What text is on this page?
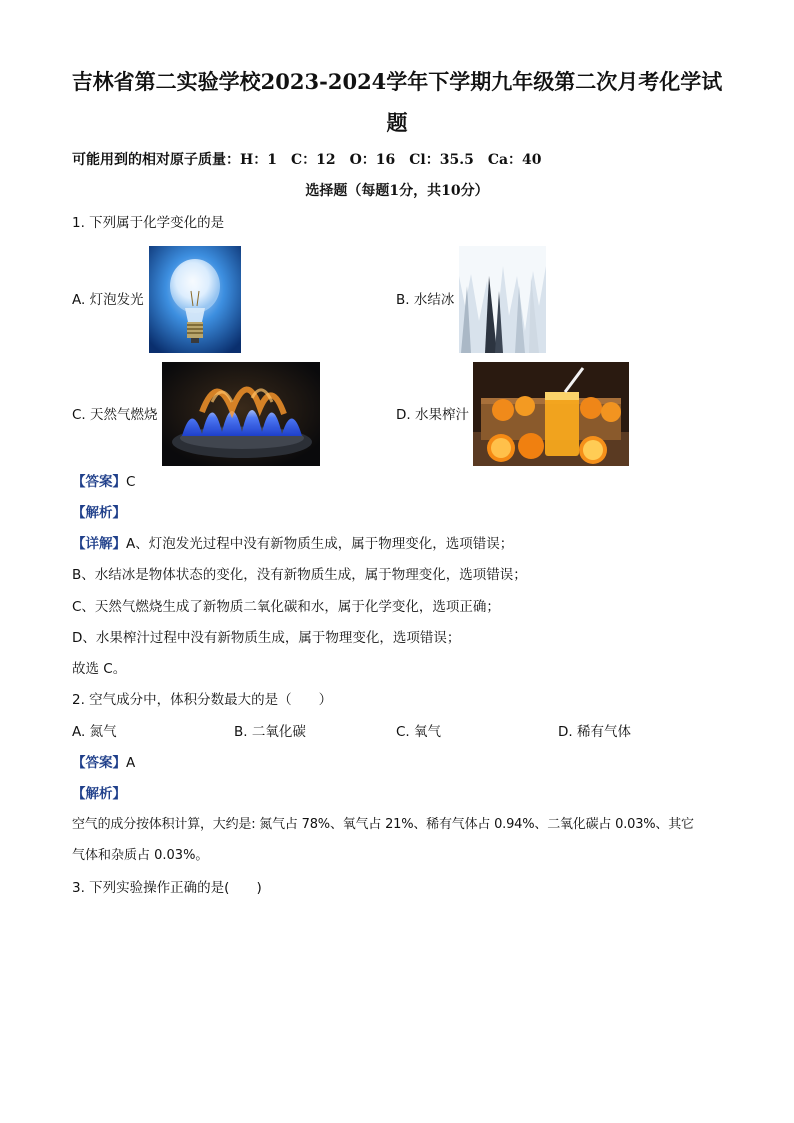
吉林省第二实验学校2023-2024学年下学期九年级第二次月考化学试
题
可能用到的相对原子质量：H：1　C：12　O：16　Cl：35.5　Ca：40
选择题（每题1分，共10分）
1. 下列属于化学变化的是
A. 灯泡发光	B. 水结冰
C. 天然气燃烧	D. 水果榨汁
【答案】C
【解析】
【详解】A、灯泡发光过程中没有新物质生成，属于物理变化，选项错误；
B、水结冰是物体状态的变化，没有新物质生成，属于物理变化，选项错误；
C、天然气燃烧生成了新物质二氧化碳和水，属于化学变化，选项正确；
D、水果榨汁过程中没有新物质生成，属于物理变化，选项错误；
故选 C。
2. 空气成分中，体积分数最大的是（　　）
A. 氮气	B. 二氧化碳	C. 氧气	D. 稀有气体
【答案】A
【解析】
空气的成分按体积计算，大约是: 氮气占 78%、氧气占 21%、稀有气体占 0.94%、二氧化碳占 0.03%、其它
气体和杂质占 0.03%。
3. 下列实验操作正确的是(　　)
